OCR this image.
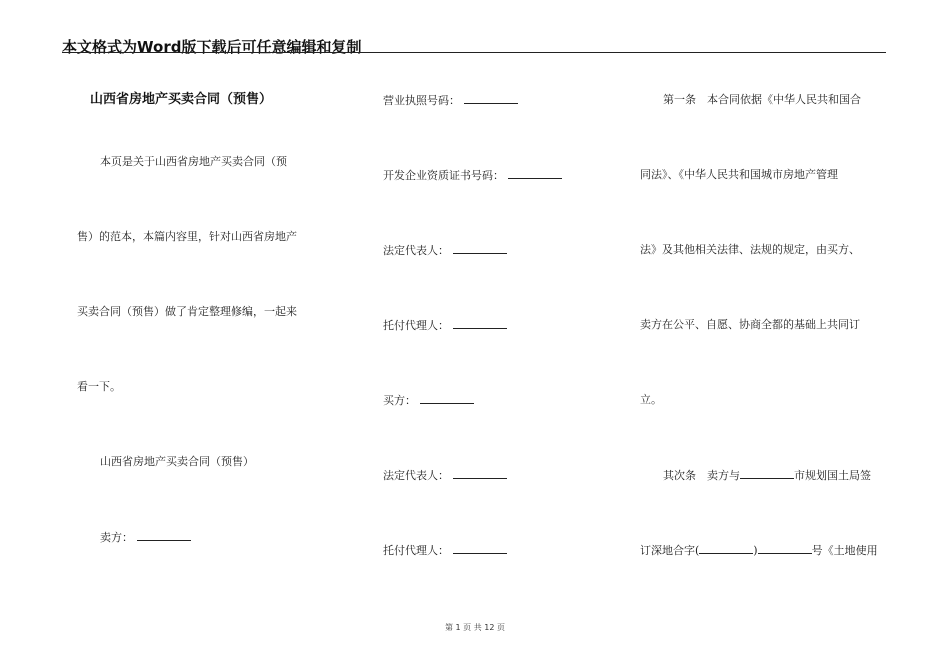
本文格式为Word版下载后可任意编辑和复制
山西省房地产买卖合同（预售）
本页是关于山西省房地产买卖合同（预
售）的范本，本篇内容里，针对山西省房地产
买卖合同（预售）做了肯定整理修编，一起来
看一下。
山西省房地产买卖合同（预售）
卖方：
营业执照号码：
开发企业资质证书号码：
法定代表人：
托付代理人：
买方：
法定代表人：
托付代理人：
第一条　本合同依据《中华人民共和国合
同法》、《中华人民共和国城市房地产管理
法》及其他相关法律、法规的规定，由买方、
卖方在公平、自愿、协商全都的基础上共同订
立。
其次条　卖方与	市规划国土局签
订深地合字(	)	号《土地使用
第 1 页 共 12 页
